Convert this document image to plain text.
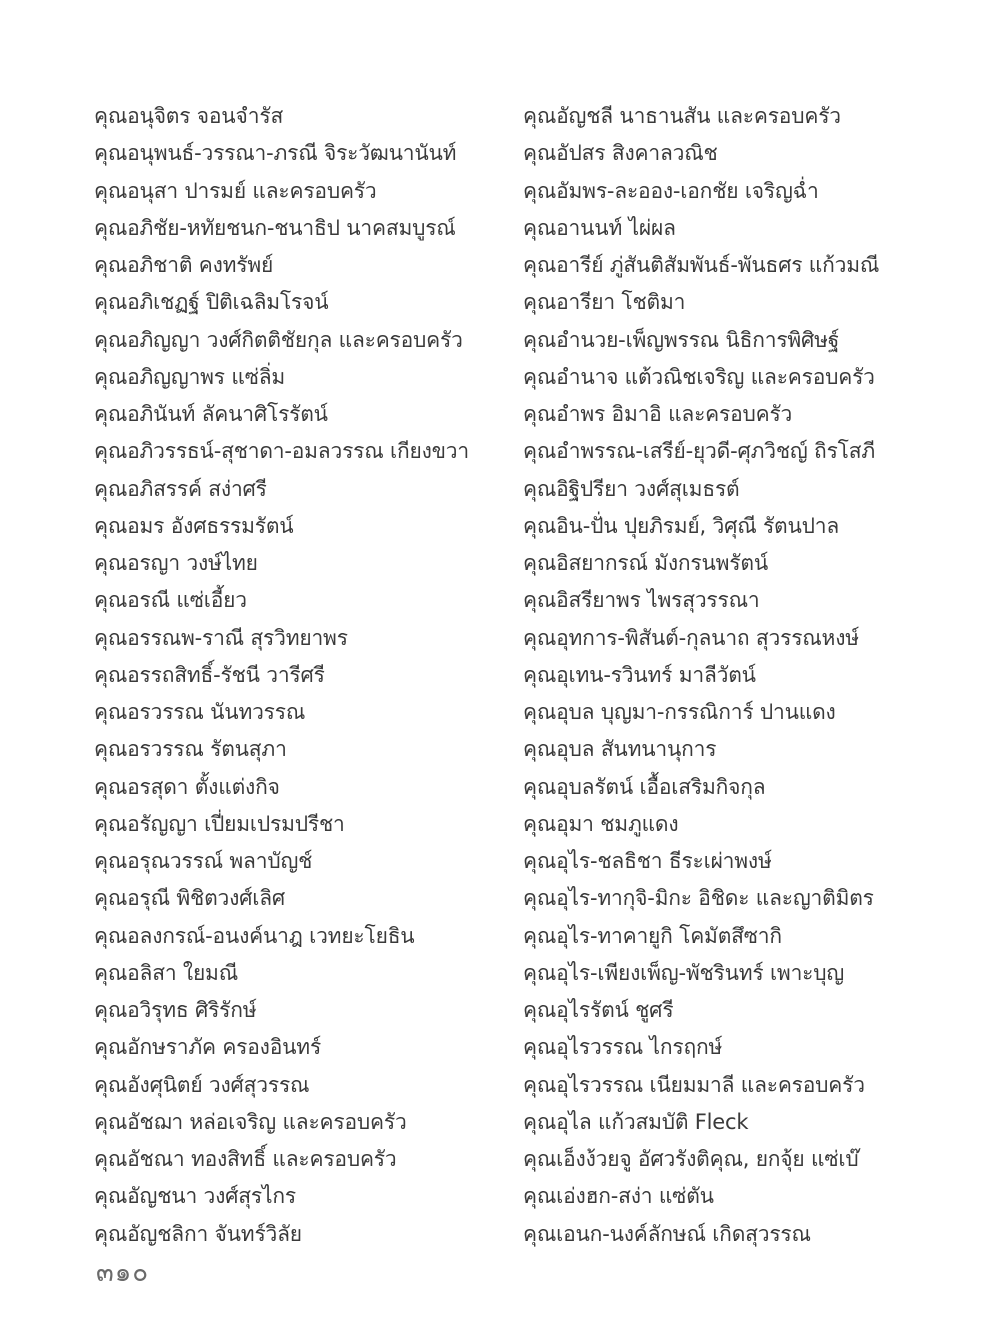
คุณอนุจิตร จอนจำรัส
คุณอนุพนธ์-วรรณา-ภรณี จิระวัฒนานันท์
คุณอนุสา ปารมย์ และครอบครัว
คุณอภิชัย-หทัยชนก-ชนาธิป นาคสมบูรณ์
คุณอภิชาติ คงทรัพย์
คุณอภิเชฏฐ์ ปิติเฉลิมโรจน์
คุณอภิญญา วงศ์กิตติชัยกุล และครอบครัว
คุณอภิญญาพร แซ่ลิ่ม
คุณอภินันท์ ลัคนาศิโรรัตน์
คุณอภิวรรธน์-สุชาดา-อมลวรรณ เกียงขวา
คุณอภิสรรค์ สง่าศรี
คุณอมร อังศธรรมรัตน์
คุณอรญา วงษ์ไทย
คุณอรณี แซ่เอี้ยว
คุณอรรณพ-ราณี สุรวิทยาพร
คุณอรรถสิทธิ์-รัชนี วารีศรี
คุณอรวรรณ นันทวรรณ
คุณอรวรรณ รัตนสุภา
คุณอรสุดา ตั้งแต่งกิจ
คุณอรัญญา เปี่ยมเปรมปรีชา
คุณอรุณวรรณ์ พลาบัญช์
คุณอรุณี พิชิตวงศ์เลิศ
คุณอลงกรณ์-อนงค์นาฎ เวทยะโยธิน
คุณอลิสา ใยมณี
คุณอวิรุทธ ศิริรักษ์
คุณอักษราภัค ครองอินทร์
คุณอังศุนิตย์ วงศ์สุวรรณ
คุณอัชฌา หล่อเจริญ และครอบครัว
คุณอัชณา ทองสิทธิ์ และครอบครัว
คุณอัญชนา วงศ์สุรไกร
คุณอัญชลิกา จันทร์วิลัย
คุณอัญชลี นาธานสัน และครอบครัว
คุณอัปสร สิงคาลวณิช
คุณอัมพร-ละออง-เอกชัย เจริญฉ่ำ
คุณอานนท์ ไผ่ผล
คุณอารีย์ ภู่สันติสัมพันธ์-พันธศร แก้วมณี
คุณอารียา โชติมา
คุณอำนวย-เพ็ญพรรณ นิธิการพิศิษฐ์
คุณอำนาจ แต้วณิชเจริญ และครอบครัว
คุณอำพร อิมาอิ และครอบครัว
คุณอำพรรณ-เสรีย์-ยุวดี-ศุภวิชญ์ ถิรโสภี
คุณอิฐิปรียา วงศ์สุเมธรต์
คุณอิน-ปั่น ปุยภิรมย์, วิศุณี รัตนปาล
คุณอิสยากรณ์ มังกรนพรัตน์
คุณอิสรียาพร ไพรสุวรรณา
คุณอุทการ-พิสันต์-กุลนาถ สุวรรณหงษ์
คุณอุเทน-รวินทร์ มาลีวัตน์
คุณอุบล บุญมา-กรรณิการ์ ปานแดง
คุณอุบล สันทนานุการ
คุณอุบลรัตน์ เอื้อเสริมกิจกุล
คุณอุมา ชมภูแดง
คุณอุไร-ชลธิชา ธีระเผ่าพงษ์
คุณอุไร-ทากุจิ-มิกะ อิชิดะ และญาติมิตร
คุณอุไร-ทาคายูกิ โคมัตสึซากิ
คุณอุไร-เพียงเพ็ญ-พัชรินทร์ เพาะบุญ
คุณอุไรรัตน์ ชูศรี
คุณอุไรวรรณ ไกรฤกษ์
คุณอุไรวรรณ เนียมมาลี และครอบครัว
คุณอุไล แก้วสมบัติ Fleck
คุณเอ็งง้วยจู อัศวรังติคุณ, ยกจุ้ย แซ่เบ๊
คุณเอ่งฮก-สง่า แซ่ตัน
คุณเอนก-นงค์ลักษณ์ เกิดสุวรรณ
๓๑๐
